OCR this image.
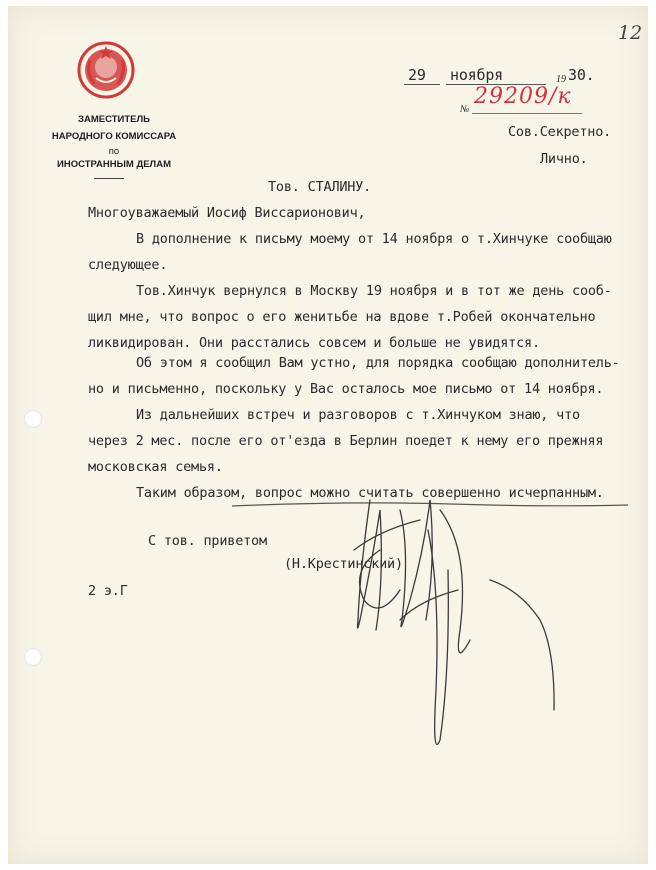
12
ЗАМЕСТИТЕЛЬ
НАРОДНОГО КОМИССАРА
по
ИНОСТРАННЫМ ДЕЛАМ
29 ноября	19 30.
№
29209/к
Сов.Секретно.
Лично.
Тов. СТАЛИНУ.
Многоуважаемый Иосиф Виссарионович,
В дополнение к письму моему от 14 ноября о т.Хинчуке сообщаю
следующее.
Тов.Хинчук вернулся в Москву 19 ноября и в тот же день сооб-
щил мне, что вопрос о его женитьбе на вдове т.Робей окончательно
ликвидирован. Они расстались совсем и больше не увидятся.
Об этом я сообщил Вам устно, для порядка сообщаю дополнитель-
но и письменно, поскольку у Вас осталось мое письмо от 14 ноября.
Из дальнейших встреч и разговоров с т.Хинчуком знаю, что
через 2 мес. после его от'езда в Берлин поедет к нему его прежняя
московская семья.
Таким образом, вопрос можно считать совершенно исчерпанным.
С тов. приветом
(Н.Крестинский)
2 э.Г
